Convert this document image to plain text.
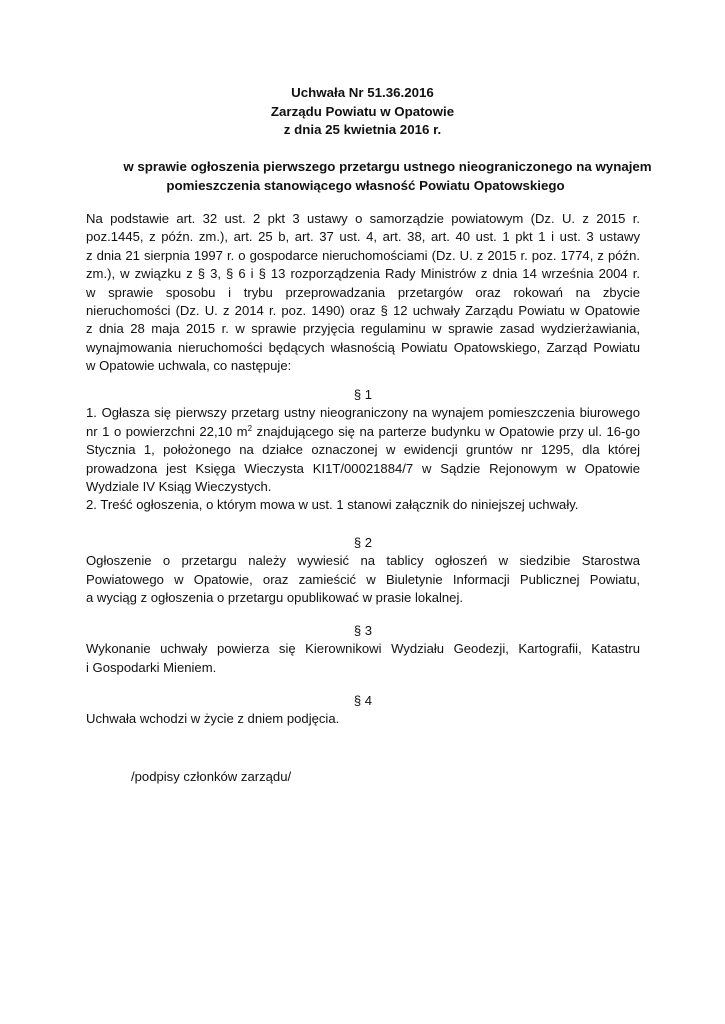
Uchwała Nr 51.36.2016
Zarządu Powiatu w Opatowie
z dnia 25 kwietnia 2016 r.
w sprawie ogłoszenia pierwszego przetargu ustnego nieograniczonego na wynajem
pomieszczenia stanowiącego własność Powiatu Opatowskiego
Na podstawie art. 32 ust. 2 pkt 3 ustawy o samorządzie powiatowym (Dz. U. z 2015 r.
poz.1445, z późn. zm.), art. 25 b, art. 37 ust. 4, art. 38, art. 40 ust. 1 pkt 1 i ust. 3 ustawy
z dnia 21 sierpnia 1997 r. o gospodarce nieruchomościami (Dz. U. z 2015 r. poz. 1774, z późn.
zm.), w związku z § 3, § 6 i § 13 rozporządzenia Rady Ministrów z dnia 14 września 2004 r.
w sprawie sposobu i trybu przeprowadzania przetargów oraz rokowań na zbycie
nieruchomości (Dz. U. z 2014 r. poz. 1490) oraz § 12 uchwały Zarządu Powiatu w Opatowie
z dnia 28 maja 2015 r. w sprawie przyjęcia regulaminu w sprawie zasad wydzierżawiania,
wynajmowania nieruchomości będących własnością Powiatu Opatowskiego, Zarząd Powiatu
w Opatowie uchwala, co następuje:
§ 1
1. Ogłasza się pierwszy przetarg ustny nieograniczony na wynajem pomieszczenia biurowego
nr 1 o powierzchni 22,10 $m^2$ znajdującego się na parterze budynku w Opatowie przy ul. 16-go
Stycznia 1, położonego na działce oznaczonej w ewidencji gruntów nr 1295, dla której
prowadzona jest Księga Wieczysta KI1T/00021884/7 w Sądzie Rejonowym w Opatowie
Wydziale IV Ksiąg Wieczystych.
2. Treść ogłoszenia, o którym mowa w ust. 1 stanowi załącznik do niniejszej uchwały.
§ 2
Ogłoszenie o przetargu należy wywiesić na tablicy ogłoszeń w siedzibie Starostwa
Powiatowego w Opatowie, oraz zamieścić w Biuletynie Informacji Publicznej Powiatu,
a wyciąg z ogłoszenia o przetargu opublikować w prasie lokalnej.
§ 3
Wykonanie uchwały powierza się Kierownikowi Wydziału Geodezji, Kartografii, Katastru
i Gospodarki Mieniem.
§ 4
Uchwała wchodzi w życie z dniem podjęcia.
/podpisy członków zarządu/
